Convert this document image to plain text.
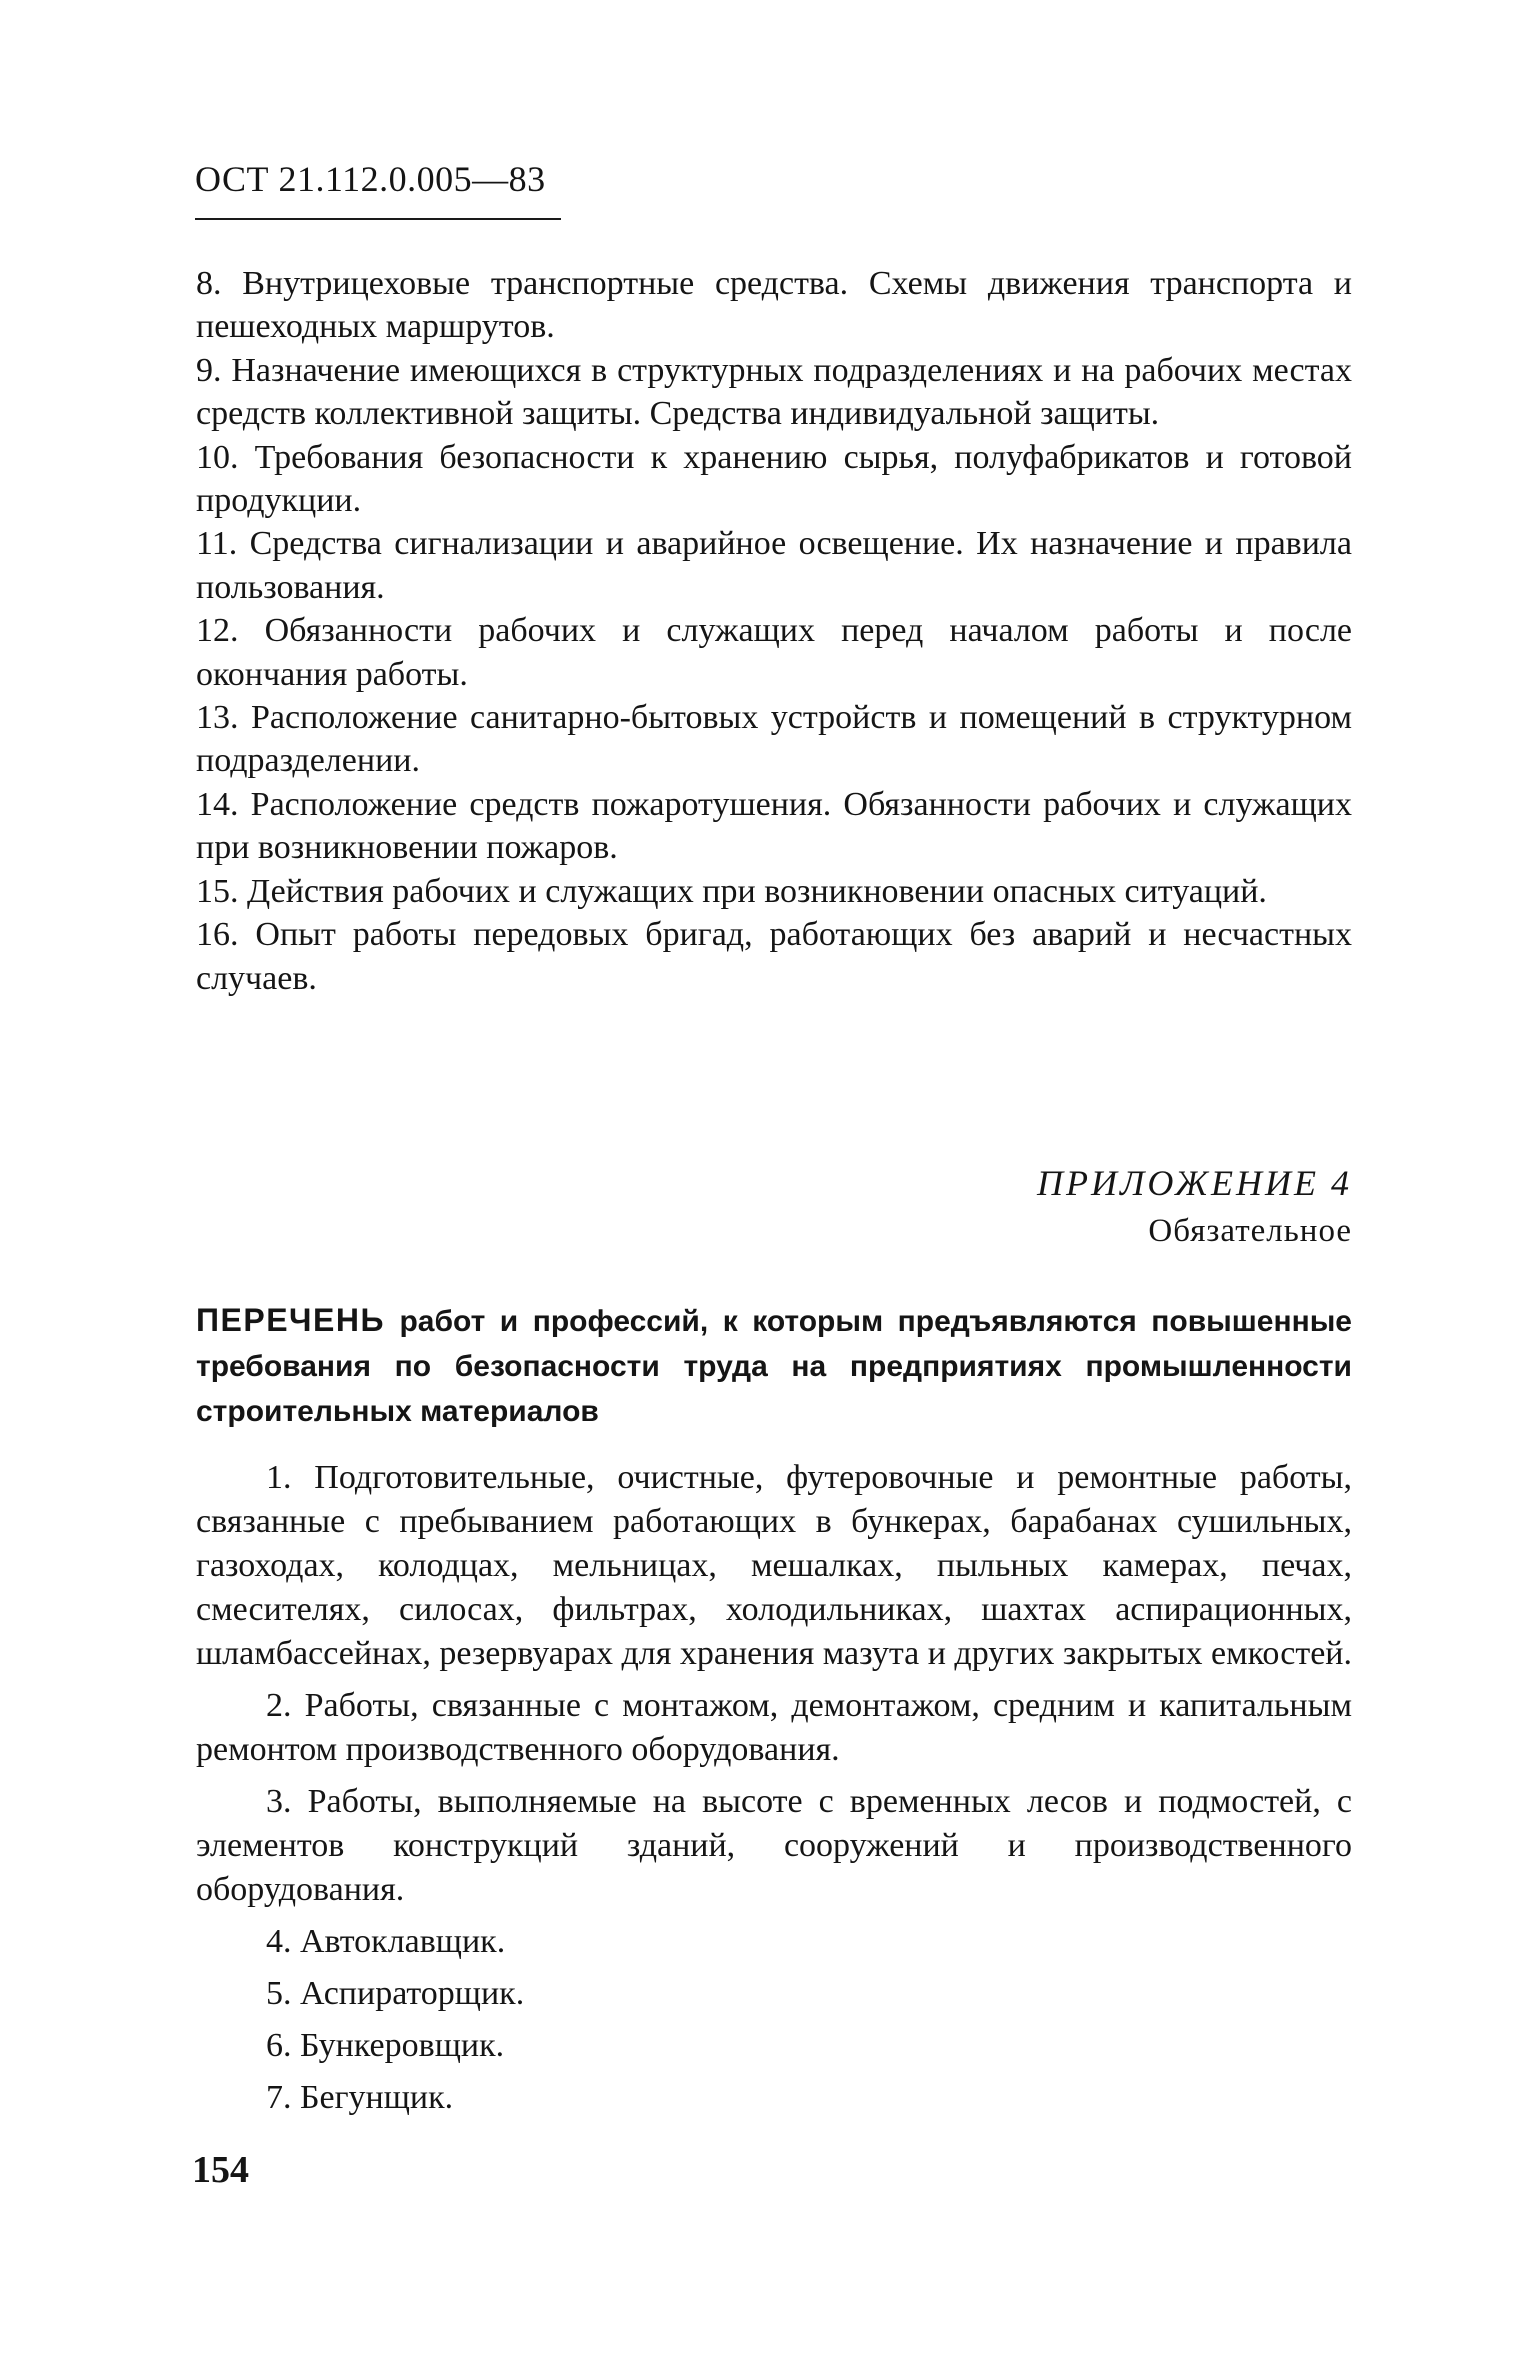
ОСТ 21.112.0.005—83

8. Внутрицеховые транспортные средства. Схемы движения транспорта и пешеходных маршрутов.

9. Назначение имеющихся в структурных подразделениях и на рабочих местах средств коллективной защиты. Средства индивидуальной защиты.

10. Требования безопасности к хранению сырья, полуфабрикатов и готовой продукции.

11. Средства сигнализации и аварийное освещение. Их назначение и правила пользования.

12. Обязанности рабочих и служащих перед началом работы и после окончания работы.

13. Расположение санитарно-бытовых устройств и помещений в структурном подразделении.

14. Расположение средств пожаротушения. Обязанности рабочих и служащих при возникновении пожаров.

15. Действия рабочих и служащих при возникновении опасных ситуаций.

16. Опыт работы передовых бригад, работающих без аварий и несчастных случаев.

ПРИЛОЖЕНИЕ 4
Обязательное
ПЕРЕЧЕНЬ работ и профессий, к которым предъявляются повышенные требования по безопасности труда на предприятиях промышленности строительных материалов

1. Подготовительные, очистные, футеровочные и ремонтные работы, связанные с пребыванием работающих в бункерах, барабанах сушильных, газоходах, колодцах, мельницах, мешалках, пыльных камерах, печах, смесителях, силосах, фильтрах, холодильниках, шахтах аспирационных, шламбассейнах, резервуарах для хранения мазута и других закрытых емкостей.

2. Работы, связанные с монтажом, демонтажом, средним и капитальным ремонтом производственного оборудования.

3. Работы, выполняемые на высоте с временных лесов и подмостей, с элементов конструкций зданий, сооружений и производственного оборудования.

4. Автоклавщик.

5. Аспираторщик.

6. Бункеровщик.

7. Бегунщик.

154
